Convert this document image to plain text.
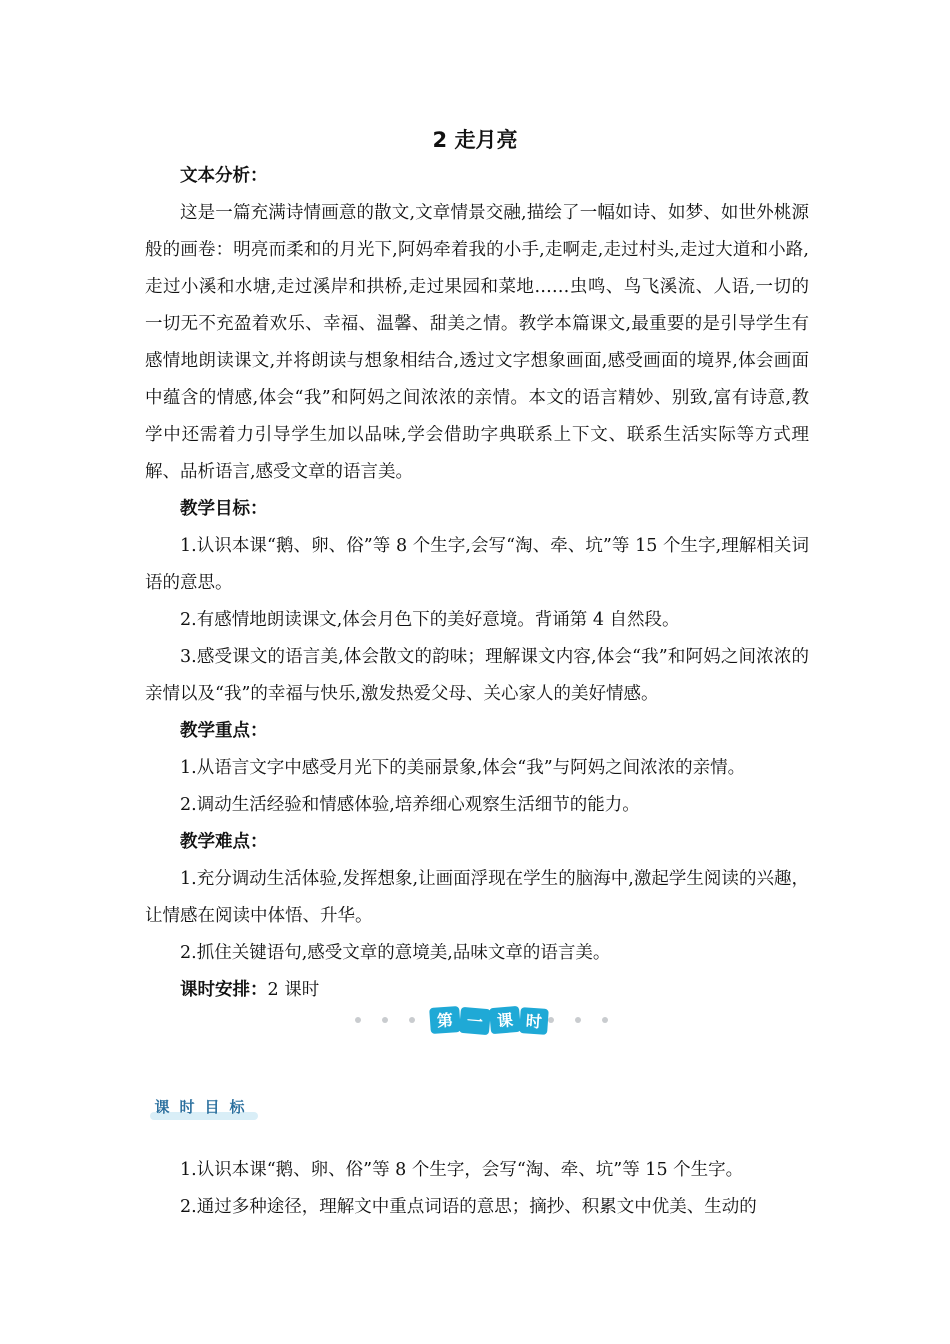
2 走月亮

文本分析：

这是一篇充满诗情画意的散文,文章情景交融,描绘了一幅如诗、如梦、如世外桃源般的画卷：明亮而柔和的月光下,阿妈牵着我的小手,走啊走,走过村头,走过大道和小路,走过小溪和水塘,走过溪岸和拱桥,走过果园和菜地……虫鸣、鸟飞溪流、人语,一切的一切无不充盈着欢乐、幸福、温馨、甜美之情。教学本篇课文,最重要的是引导学生有感情地朗读课文,并将朗读与想象相结合,透过文字想象画面,感受画面的境界,体会画面中蕴含的情感,体会“我”和阿妈之间浓浓的亲情。本文的语言精妙、别致,富有诗意,教学中还需着力引导学生加以品味,学会借助字典联系上下文、联系生活实际等方式理解、品析语言,感受文章的语言美。

教学目标：

1.认识本课“鹅、卵、俗”等 8 个生字,会写“淘、牵、坑”等 15 个生字,理解相关词语的意思。

2.有感情地朗读课文,体会月色下的美好意境。背诵第 4 自然段。

3.感受课文的语言美,体会散文的韵味；理解课文内容,体会“我”和阿妈之间浓浓的亲情以及“我”的幸福与快乐,激发热爱父母、关心家人的美好情感。

教学重点：

1.从语言文字中感受月光下的美丽景象,体会“我”与阿妈之间浓浓的亲情。

2.调动生活经验和情感体验,培养细心观察生活细节的能力。

教学难点：

1.充分调动生活体验,发挥想象,让画面浮现在学生的脑海中,激起学生阅读的兴趣，让情感在阅读中体悟、升华。

2.抓住关键语句,感受文章的意境美,品味文章的语言美。

课时安排：2 课时

第 一 课 时
课 时 目 标

1.认识本课“鹅、卵、俗”等 8 个生字，会写“淘、牵、坑”等 15 个生字。

2.通过多种途径，理解文中重点词语的意思；摘抄、积累文中优美、生动的
